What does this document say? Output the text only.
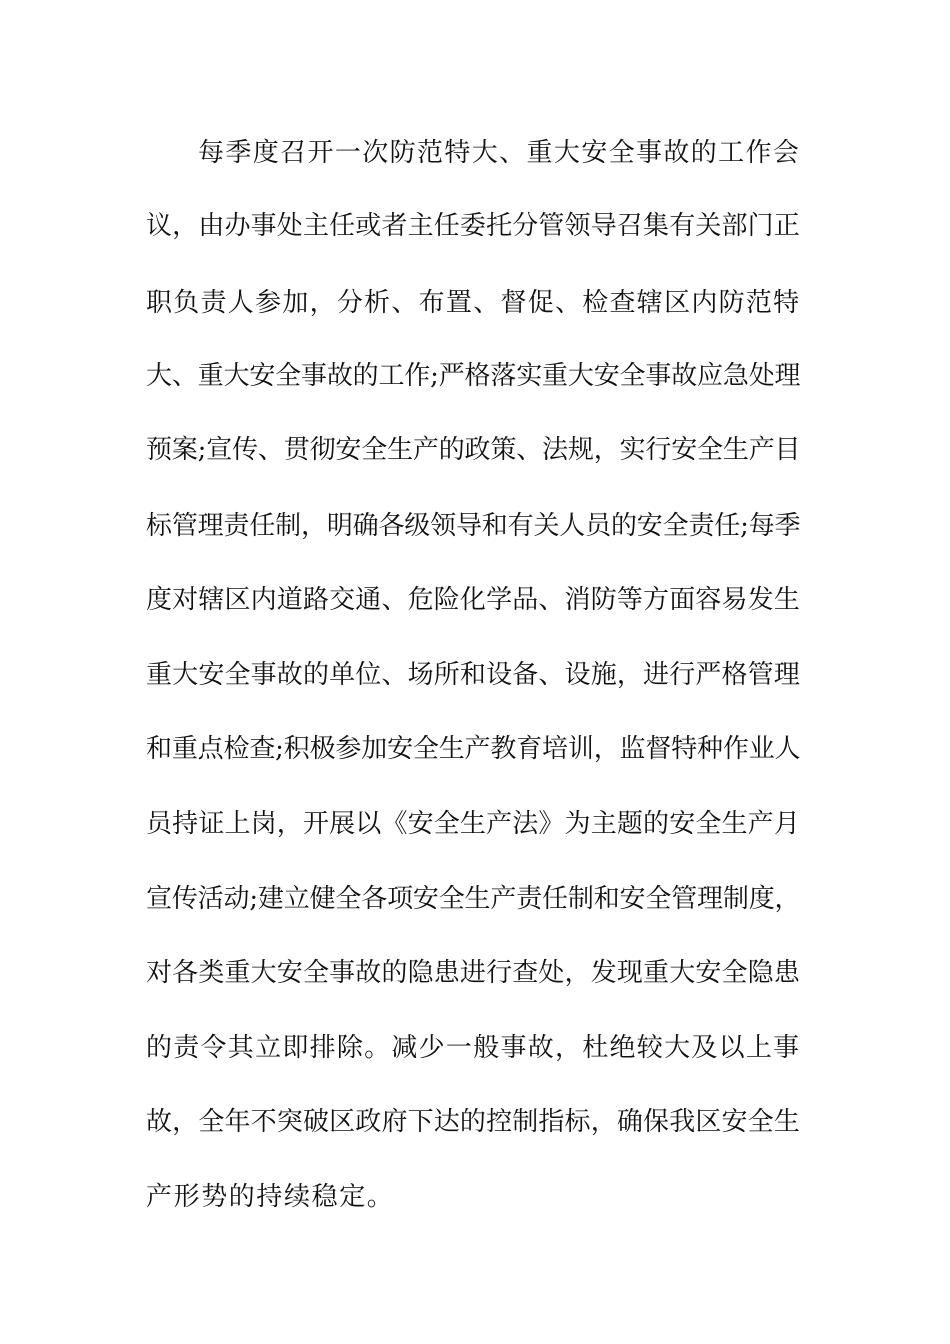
每季度召开一次防范特大、重大安全事故的工作会
议，由办事处主任或者主任委托分管领导召集有关部门正
职负责人参加，分析、布置、督促、检查辖区内防范特
大、重大安全事故的工作;严格落实重大安全事故应急处理
预案;宣传、贯彻安全生产的政策、法规，实行安全生产目
标管理责任制，明确各级领导和有关人员的安全责任;每季
度对辖区内道路交通、危险化学品、消防等方面容易发生
重大安全事故的单位、场所和设备、设施，进行严格管理
和重点检查;积极参加安全生产教育培训，监督特种作业人
员持证上岗，开展以《安全生产法》为主题的安全生产月
宣传活动;建立健全各项安全生产责任制和安全管理制度，
对各类重大安全事故的隐患进行查处，发现重大安全隐患
的责令其立即排除。减少一般事故，杜绝较大及以上事
故，全年不突破区政府下达的控制指标，确保我区安全生
产形势的持续稳定。
